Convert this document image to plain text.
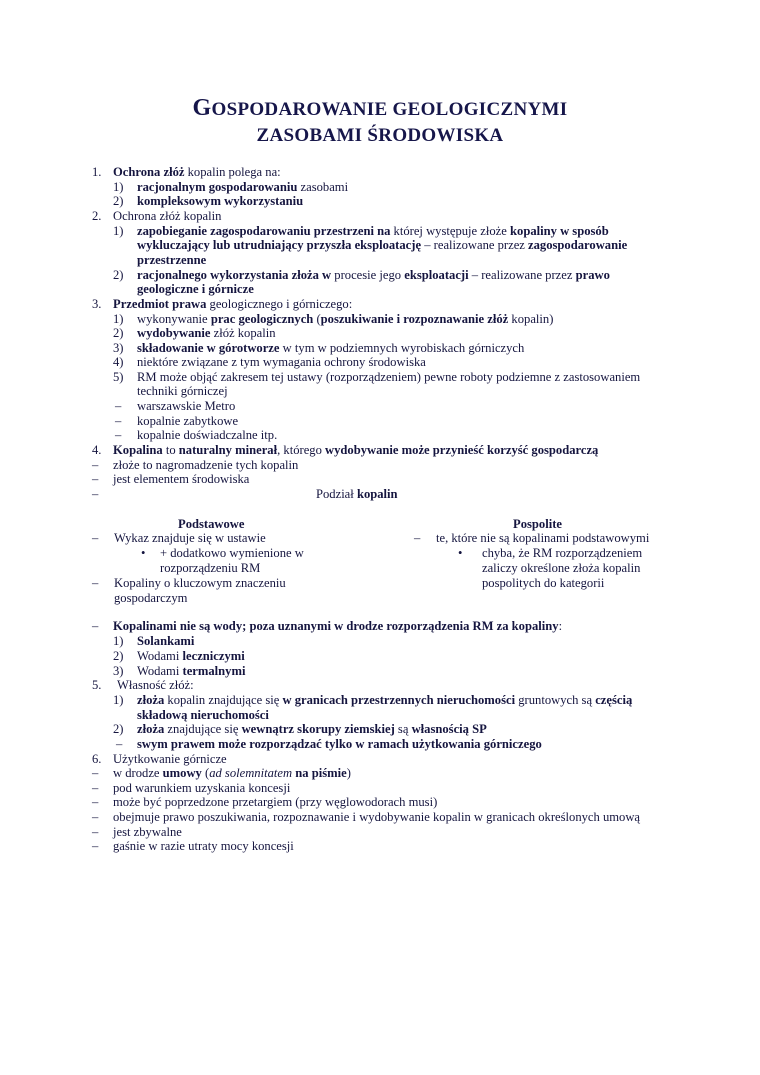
GOSPODAROWANIE GEOLOGICZNYMI
ZASOBAMI ŚRODOWISKA
1. Ochrona złóż kopalin polega na:
1) racjonalnym gospodarowaniu zasobami
2) kompleksowym wykorzystaniu
2. Ochrona złóż kopalin
1) zapobieganie zagospodarowaniu przestrzeni na której występuje złoże kopaliny w sposób
wykluczający lub utrudniający przyszła eksploatację – realizowane przez zagospodarowanie
przestrzenne
2) racjonalnego wykorzystania złoża w procesie jego eksploatacji – realizowane przez prawo
geologiczne i górnicze
3. Przedmiot prawa geologicznego i górniczego:
1) wykonywanie prac geologicznych (poszukiwanie i rozpoznawanie złóż kopalin)
2) wydobywanie złóż kopalin
3) składowanie w górotworze w tym w podziemnych wyrobiskach górniczych
4) niektóre związane z tym wymagania ochrony środowiska
5) RM może objąć zakresem tej ustawy (rozporządzeniem) pewne roboty podziemne z zastosowaniem
techniki górniczej
– warszawskie Metro
– kopalnie zabytkowe
– kopalnie doświadczalne itp.
4. Kopalina to naturalny minerał, którego wydobywanie może przynieść korzyść gospodarczą
– złoże to nagromadzenie tych kopalin
– jest elementem środowiska
–	Podział kopalin
Podstawowe
– Wykaz znajduje się w ustawie
• + dodatkowo wymienione w
rozporządzeniu RM
– Kopaliny o kluczowym znaczeniu
gospodarczym
Pospolite
– te, które nie są kopalinami podstawowymi
• chyba, że RM rozporządzeniem
zaliczy określone złoża kopalin
pospolitych do kategorii
– Kopalinami nie są wody; poza uznanymi w drodze rozporządzenia RM za kopaliny:
1) Solankami
2) Wodami leczniczymi
3) Wodami termalnymi
5. Własność złóż:
1) złoża kopalin znajdujące się w granicach przestrzennych nieruchomości gruntowych są częścią
składową nieruchomości
2) złoża znajdujące się wewnątrz skorupy ziemskiej są własnością SP
– swym prawem może rozporządzać tylko w ramach użytkowania górniczego
6. Użytkowanie górnicze
– w drodze umowy (ad solemnitatem na piśmie)
– pod warunkiem uzyskania koncesji
– może być poprzedzone przetargiem (przy węglowodorach musi)
– obejmuje prawo poszukiwania, rozpoznawanie i wydobywanie kopalin w granicach określonych umową
– jest zbywalne
– gaśnie w razie utraty mocy koncesji
